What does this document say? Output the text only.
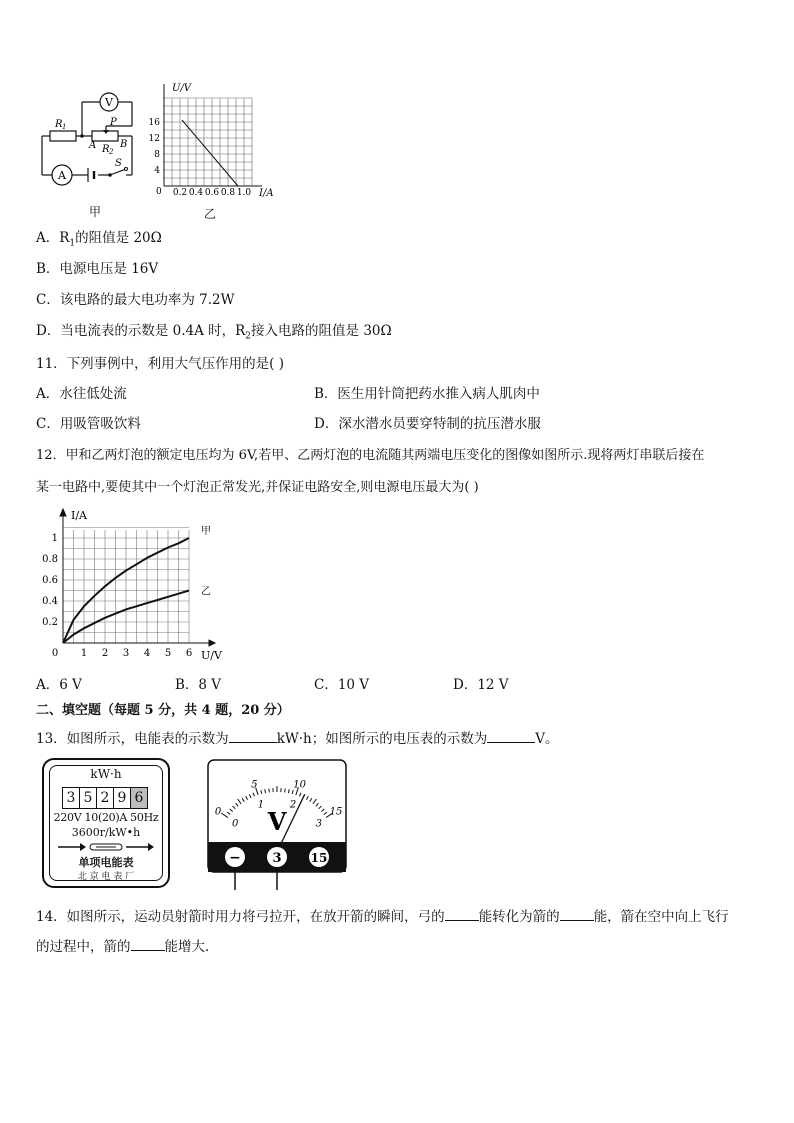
V
A
R 1	P
A R 2
B
S
甲
U/V
I/A
0
4
8
12
16
0.2 0.4 0.6 0.8 1.0
乙
A．$R_1$的阻值是 20Ω
B．电源电压是 16V
C．该电路的最大电功率为 7.2W
D．当电流表的示数是 0.4A 时，$R_2$接入电路的阻值是 30Ω
11．下列事例中，利用大气压作用的是( )
A．水往低处流	B．医生用针筒把药水推入病人肌肉中
C．用吸管吸饮料	D．深水潜水员要穿特制的抗压潜水服
12．甲和乙两灯泡的额定电压均为 6V,若甲、乙两灯泡的电流随其两端电压变化的图像如图所示.现将两灯串联后接在
某一电路中,要使其中一个灯泡正常发光,并保证电路安全,则电源电压最大为( )
甲
乙
0 1 2 3 4 5 6
0.2
0.4
0.6
0.8
1
I/A
U/V
A．6 V	B．8 V	C．10 V	D．12 V
二、填空题（每题 5 分，共 4 题，20 分）
13．如图所示，电能表的示数为	kW·h；如图所示的电压表的示数为	V。
kW·h
3 5 2 9 6
220V 10(20)A 50Hz
3600r/kW•h
单项电能表
北 京 电 表 厂
0
5	10
15
0
1	2
3
V
− 3 15
14．如图所示，运动员射箭时用力将弓拉开，在放开箭的瞬间，弓的	能转化为箭的	能，箭在空中向上飞行
的过程中，箭的	能增大．
